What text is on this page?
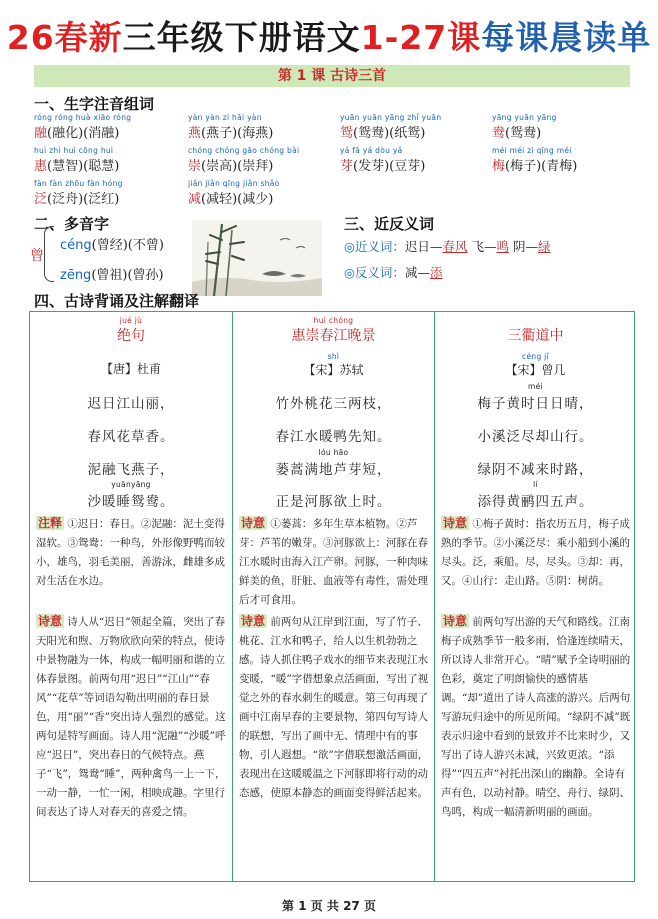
26春新三年级下册语文1-27课每课晨读单
第 1 课 古诗三首
一、生字注音组词
róng róng huà xiāo róng
融(融化)(消融)
yàn yàn zi hǎi yàn
燕(燕子)(海燕)
yuān yuān yāng zhǐ yuān
鸳(鸳鸯)(纸鸳)
yāng yuān yāng
鸯(鸳鸯)
huì zhì huì cōng huì
惠(慧智)(聪慧)
chóng chóng gāo chóng bài
崇(崇高)(崇拜)
yá fā yá dòu yá
芽(发芽)(豆芽)
méi méi zi qīng méi
梅(梅子)(青梅)
fàn fàn zhōu fàn hóng
泛(泛舟)(泛红)
jiǎn jiǎn qīng jiǎn shǎo
减(减轻)(减少)
二、多音字
曾
céng(曾经)(不曾)
zēng(曾祖)(曾孙)
三、近反义词
◎近义词：迟日—春风 飞—鸣 阴—绿
◎反义词：减—添
四、古诗背诵及注解翻译
jué jù
绝句
【唐】杜甫
迟日江山丽，
春风花草香。
泥融飞燕子，
yuānyāng
沙暖睡鸳鸯。
注释 ①迟日：春日。②泥融：泥土变得湿软。③鸳鸯：一种鸟，外形像野鸭而较小，雄鸟，羽毛美丽，善游泳，雌雄多成对生活在水边。
诗意 诗人从“迟日”领起全篇，突出了春天阳光和煦、万物欣欣向荣的特点，使诗中景物融为一体，构成一幅明丽和谐的立体春景图。前两句用“迟日”“江山”“春风”“花草”等词语勾勒出明丽的春日景色，用“丽”“香”突出诗人强烈的感觉。这两句是特写画面。诗人用“泥融”“沙暖”呼应“迟日”，突出春日的气候特点。燕子“飞”，鸳鸯“睡”，两种禽鸟一上一下，一动一静，一忙一闲，相映成趣。字里行间表达了诗人对春天的喜爱之情。
huì chóng
惠崇春江晚景
shì
【宋】苏轼
竹外桃花三两枝，
春江水暖鸭先知。
lóu hāo
蒌蒿满地芦芽短，
正是河豚欲上时。
诗意 ①蒌蒿：多年生草本植物。②芦芽：芦苇的嫩芽。③河豚欲上：河豚在春江水暖时由海入江产卵。河豚，一种肉味鲜美的鱼，肝脏、血液等有毒性，需处理后才可食用。
诗意 前两句从江岸到江面，写了竹子、桃花、江水和鸭子，给人以生机勃勃之感。诗人抓住鸭子戏水的细节来表现江水变暖，“暖”字借想象点活画面，写出了视觉之外的春水刺生的暖意。第三句再现了画中江南早春的主要景物，第四句写诗人的联想，写出了画中无、情理中有的事物，引人遐想。“欲”字借联想激活画面，表现出在这暖暖温之下河豚即将行动的动态感，使原本静态的画面变得鲜活起来。
三衢道中
céng jǐ
【宋】曾几
méi
梅子黄时日日晴，
小溪泛尽却山行。
绿阴不减来时路，
lí
添得黄鹂四五声。
诗意 ①梅子黄时：指农历五月，梅子成熟的季节。②小溪泛尽：乘小船到小溪的尽头。泛，乘船。尽，尽头。③却：再，又。④山行：走山路。⑤阴：树荫。
诗意 前两句写出游的天气和路线。江南梅子成熟季节一般多雨，恰逢连续晴天，所以诗人非常开心。“晴”赋予全诗明丽的色彩，奠定了明朗愉快的感情基调。“却”道出了诗人高涨的游兴。后两句写游玩归途中的所见所闻。“绿阴不减”既表示归途中看到的景致并不比来时少，又写出了诗人游兴未减，兴致更浓。“添得”“四五声”衬托出深山的幽静。全诗有声有色，以动衬静。晴空、舟行、绿阴、鸟鸣，构成一幅清新明丽的画面。
第 1 页 共 27 页
